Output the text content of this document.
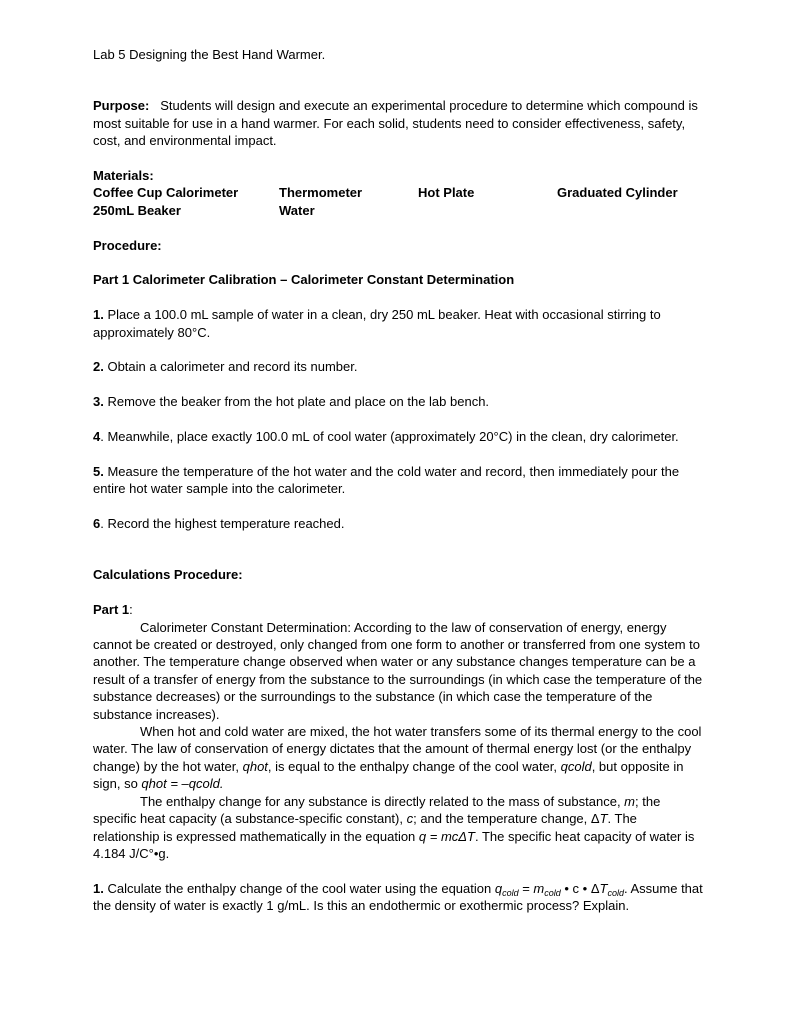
Lab 5 Designing the Best Hand Warmer.

Purpose: Students will design and execute an experimental procedure to determine which compound is most suitable for use in a hand warmer. For each solid, students need to consider effectiveness, safety, cost, and environmental impact.

Materials:

Coffee Cup Calorimeter	Thermometer	Hot Plate	Graduated Cylinder
250mL Beaker	Water

Procedure:

Part 1 Calorimeter Calibration – Calorimeter Constant Determination

1. Place a 100.0 mL sample of water in a clean, dry 250 mL beaker. Heat with occasional stirring to approximately 80°C.

2. Obtain a calorimeter and record its number.

3. Remove the beaker from the hot plate and place on the lab bench.

4. Meanwhile, place exactly 100.0 mL of cool water (approximately 20°C) in the clean, dry calorimeter.

5. Measure the temperature of the hot water and the cold water and record, then immediately pour the entire hot water sample into the calorimeter.

6. Record the highest temperature reached.

Calculations Procedure:

Part 1:

Calorimeter Constant Determination: According to the law of conservation of energy, energy cannot be created or destroyed, only changed from one form to another or transferred from one system to another. The temperature change observed when water or any substance changes temperature can be a result of a transfer of energy from the substance to the surroundings (in which case the temperature of the substance decreases) or the surroundings to the substance (in which case the temperature of the substance increases).

When hot and cold water are mixed, the hot water transfers some of its thermal energy to the cool water. The law of conservation of energy dictates that the amount of thermal energy lost (or the enthalpy change) by the hot water, qhot, is equal to the enthalpy change of the cool water, qcold, but opposite in sign, so qhot = –qcold.

The enthalpy change for any substance is directly related to the mass of substance, m; the specific heat capacity (a substance-specific constant), c; and the temperature change, ΔT. The relationship is expressed mathematically in the equation q = mcΔT. The specific heat capacity of water is 4.184 J/C°•g.

1. Calculate the enthalpy change of the cool water using the equation $q_{cold} = m_{cold}$ • c • $\Delta T_{cold}$. Assume that the density of water is exactly 1 g/mL. Is this an endothermic or exothermic process? Explain.
